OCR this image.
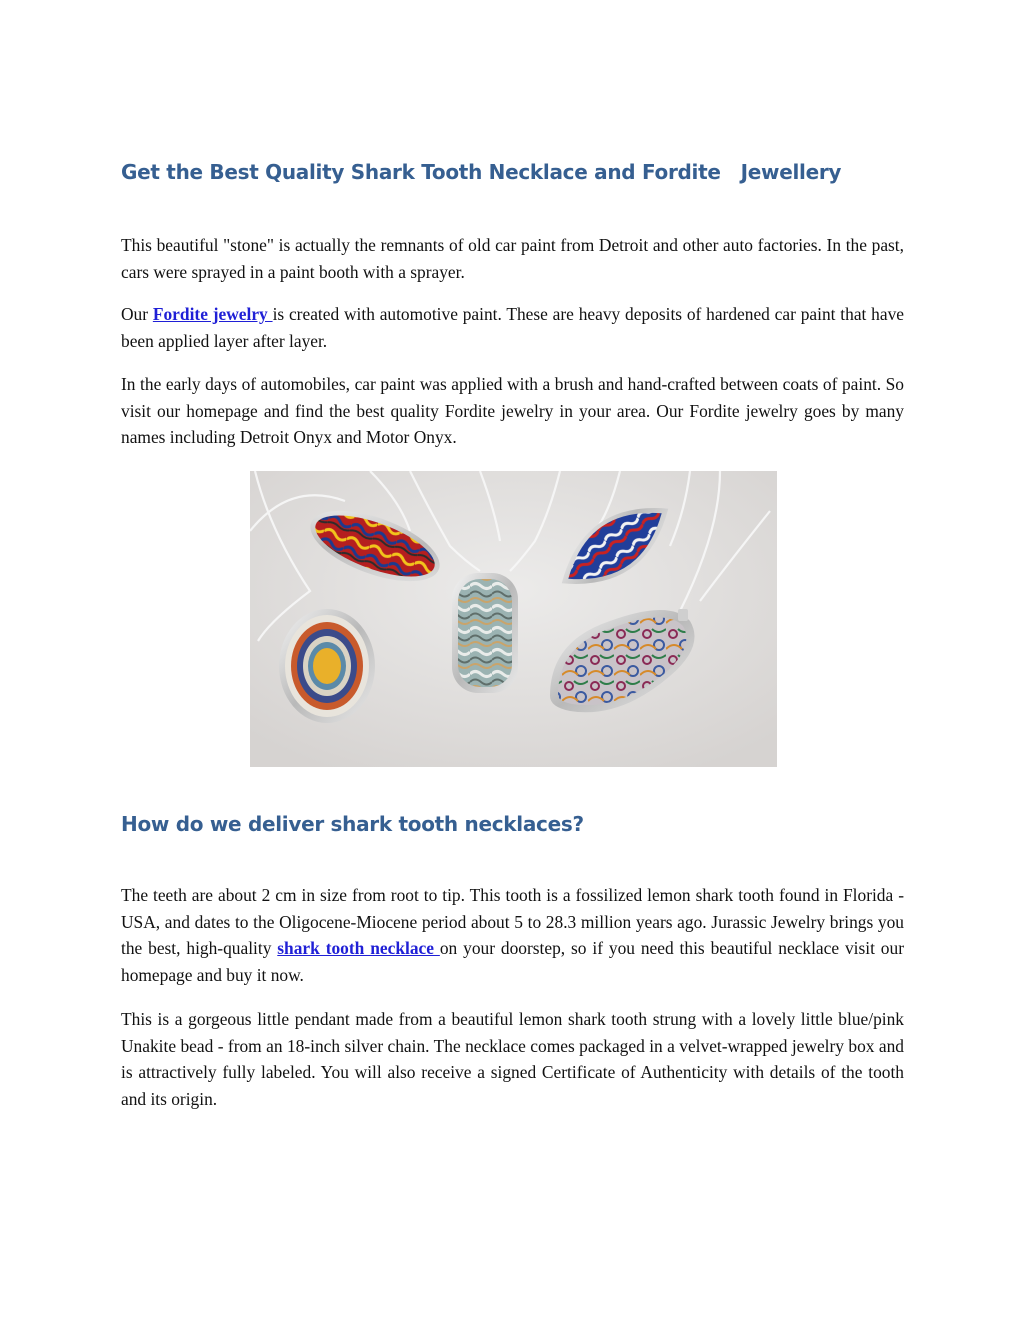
Get the Best Quality Shark Tooth Necklace and Fordite   Jewellery

This beautiful "stone" is actually the remnants of old car paint from Detroit and other auto factories. In the past, cars were sprayed in a paint booth with a sprayer.

Our Fordite jewelry is created with automotive paint. These are heavy deposits of hardened car paint that have been applied layer after layer.

In the early days of automobiles, car paint was applied with a brush and hand-crafted between coats of paint. So visit our homepage and find the best quality Fordite jewelry in your area. Our Fordite jewelry goes by many names including Detroit Onyx and Motor Onyx.

How do we deliver shark tooth necklaces?

The teeth are about 2 cm in size from root to tip. This tooth is a fossilized lemon shark tooth found in Florida - USA, and dates to the Oligocene-Miocene period about 5 to 28.3 million years ago. Jurassic Jewelry brings you the best, high-quality shark tooth necklace on your doorstep, so if you need this beautiful necklace visit our homepage and buy it now.

This is a gorgeous little pendant made from a beautiful lemon shark tooth strung with a lovely little blue/pink Unakite bead - from an 18-inch silver chain. The necklace comes packaged in a velvet-wrapped jewelry box and is attractively fully labeled. You will also receive a signed Certificate of Authenticity with details of the tooth and its origin.
